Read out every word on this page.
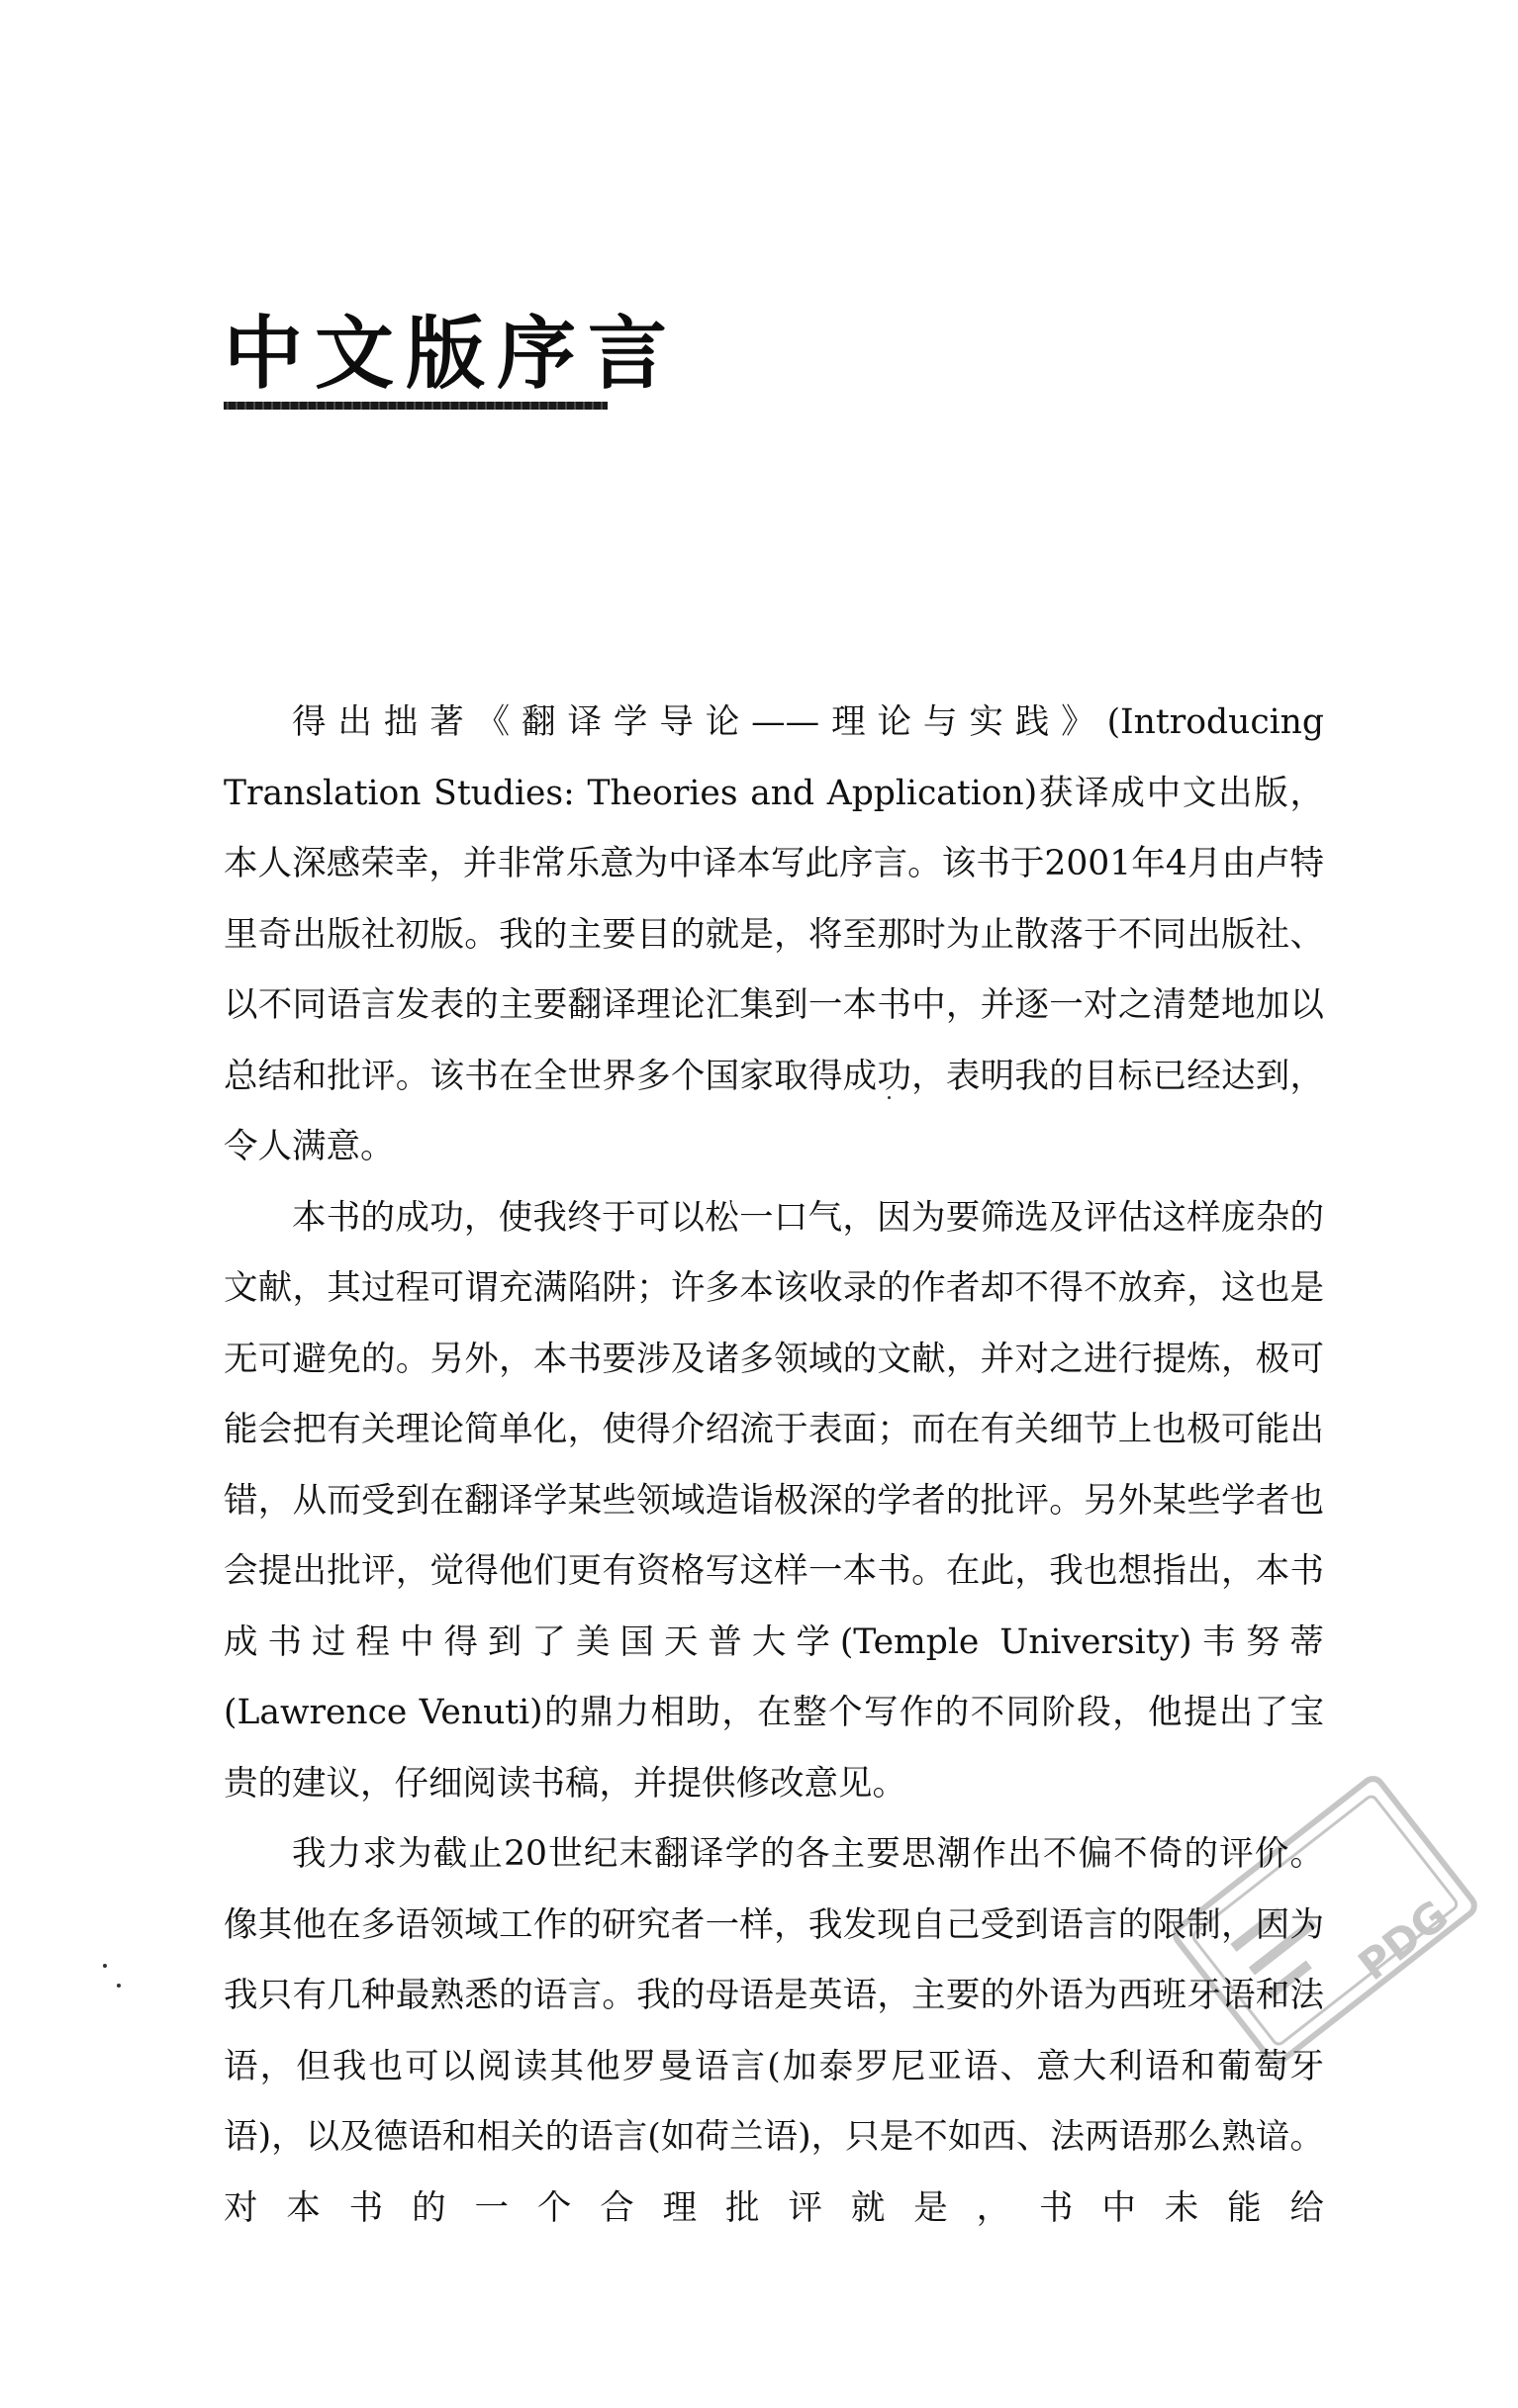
中文版序言

得出拙著《翻译学导论——理论与实践》(Introducing Translation Studies: Theories and Application)获译成中文出版，本人深感荣幸，并非常乐意为中译本写此序言。该书于2001年4月由卢特里奇出版社初版。我的主要目的就是，将至那时为止散落于不同出版社、以不同语言发表的主要翻译理论汇集到一本书中，并逐一对之清楚地加以总结和批评。该书在全世界多个国家取得成功，表明我的目标已经达到，令人满意。

本书的成功，使我终于可以松一口气，因为要筛选及评估这样庞杂的文献，其过程可谓充满陷阱；许多本该收录的作者却不得不放弃，这也是无可避免的。另外，本书要涉及诸多领域的文献，并对之进行提炼，极可能会把有关理论简单化，使得介绍流于表面；而在有关细节上也极可能出错，从而受到在翻译学某些领域造诣极深的学者的批评。另外某些学者也会提出批评，觉得他们更有资格写这样一本书。在此，我也想指出，本书成书过程中得到了美国天普大学(Temple University)韦努蒂(Lawrence Venuti)的鼎力相助，在整个写作的不同阶段，他提出了宝贵的建议，仔细阅读书稿，并提供修改意见。

我力求为截止20世纪末翻译学的各主要思潮作出不偏不倚的评价。像其他在多语领域工作的研究者一样，我发现自己受到语言的限制，因为我只有几种最熟悉的语言。我的母语是英语，主要的外语为西班牙语和法语，但我也可以阅读其他罗曼语言(加泰罗尼亚语、意大利语和葡萄牙语)，以及德语和相关的语言(如荷兰语)，只是不如西、法两语那么熟谙。对本书的一个合理批评就是，书中未能给

PDG
